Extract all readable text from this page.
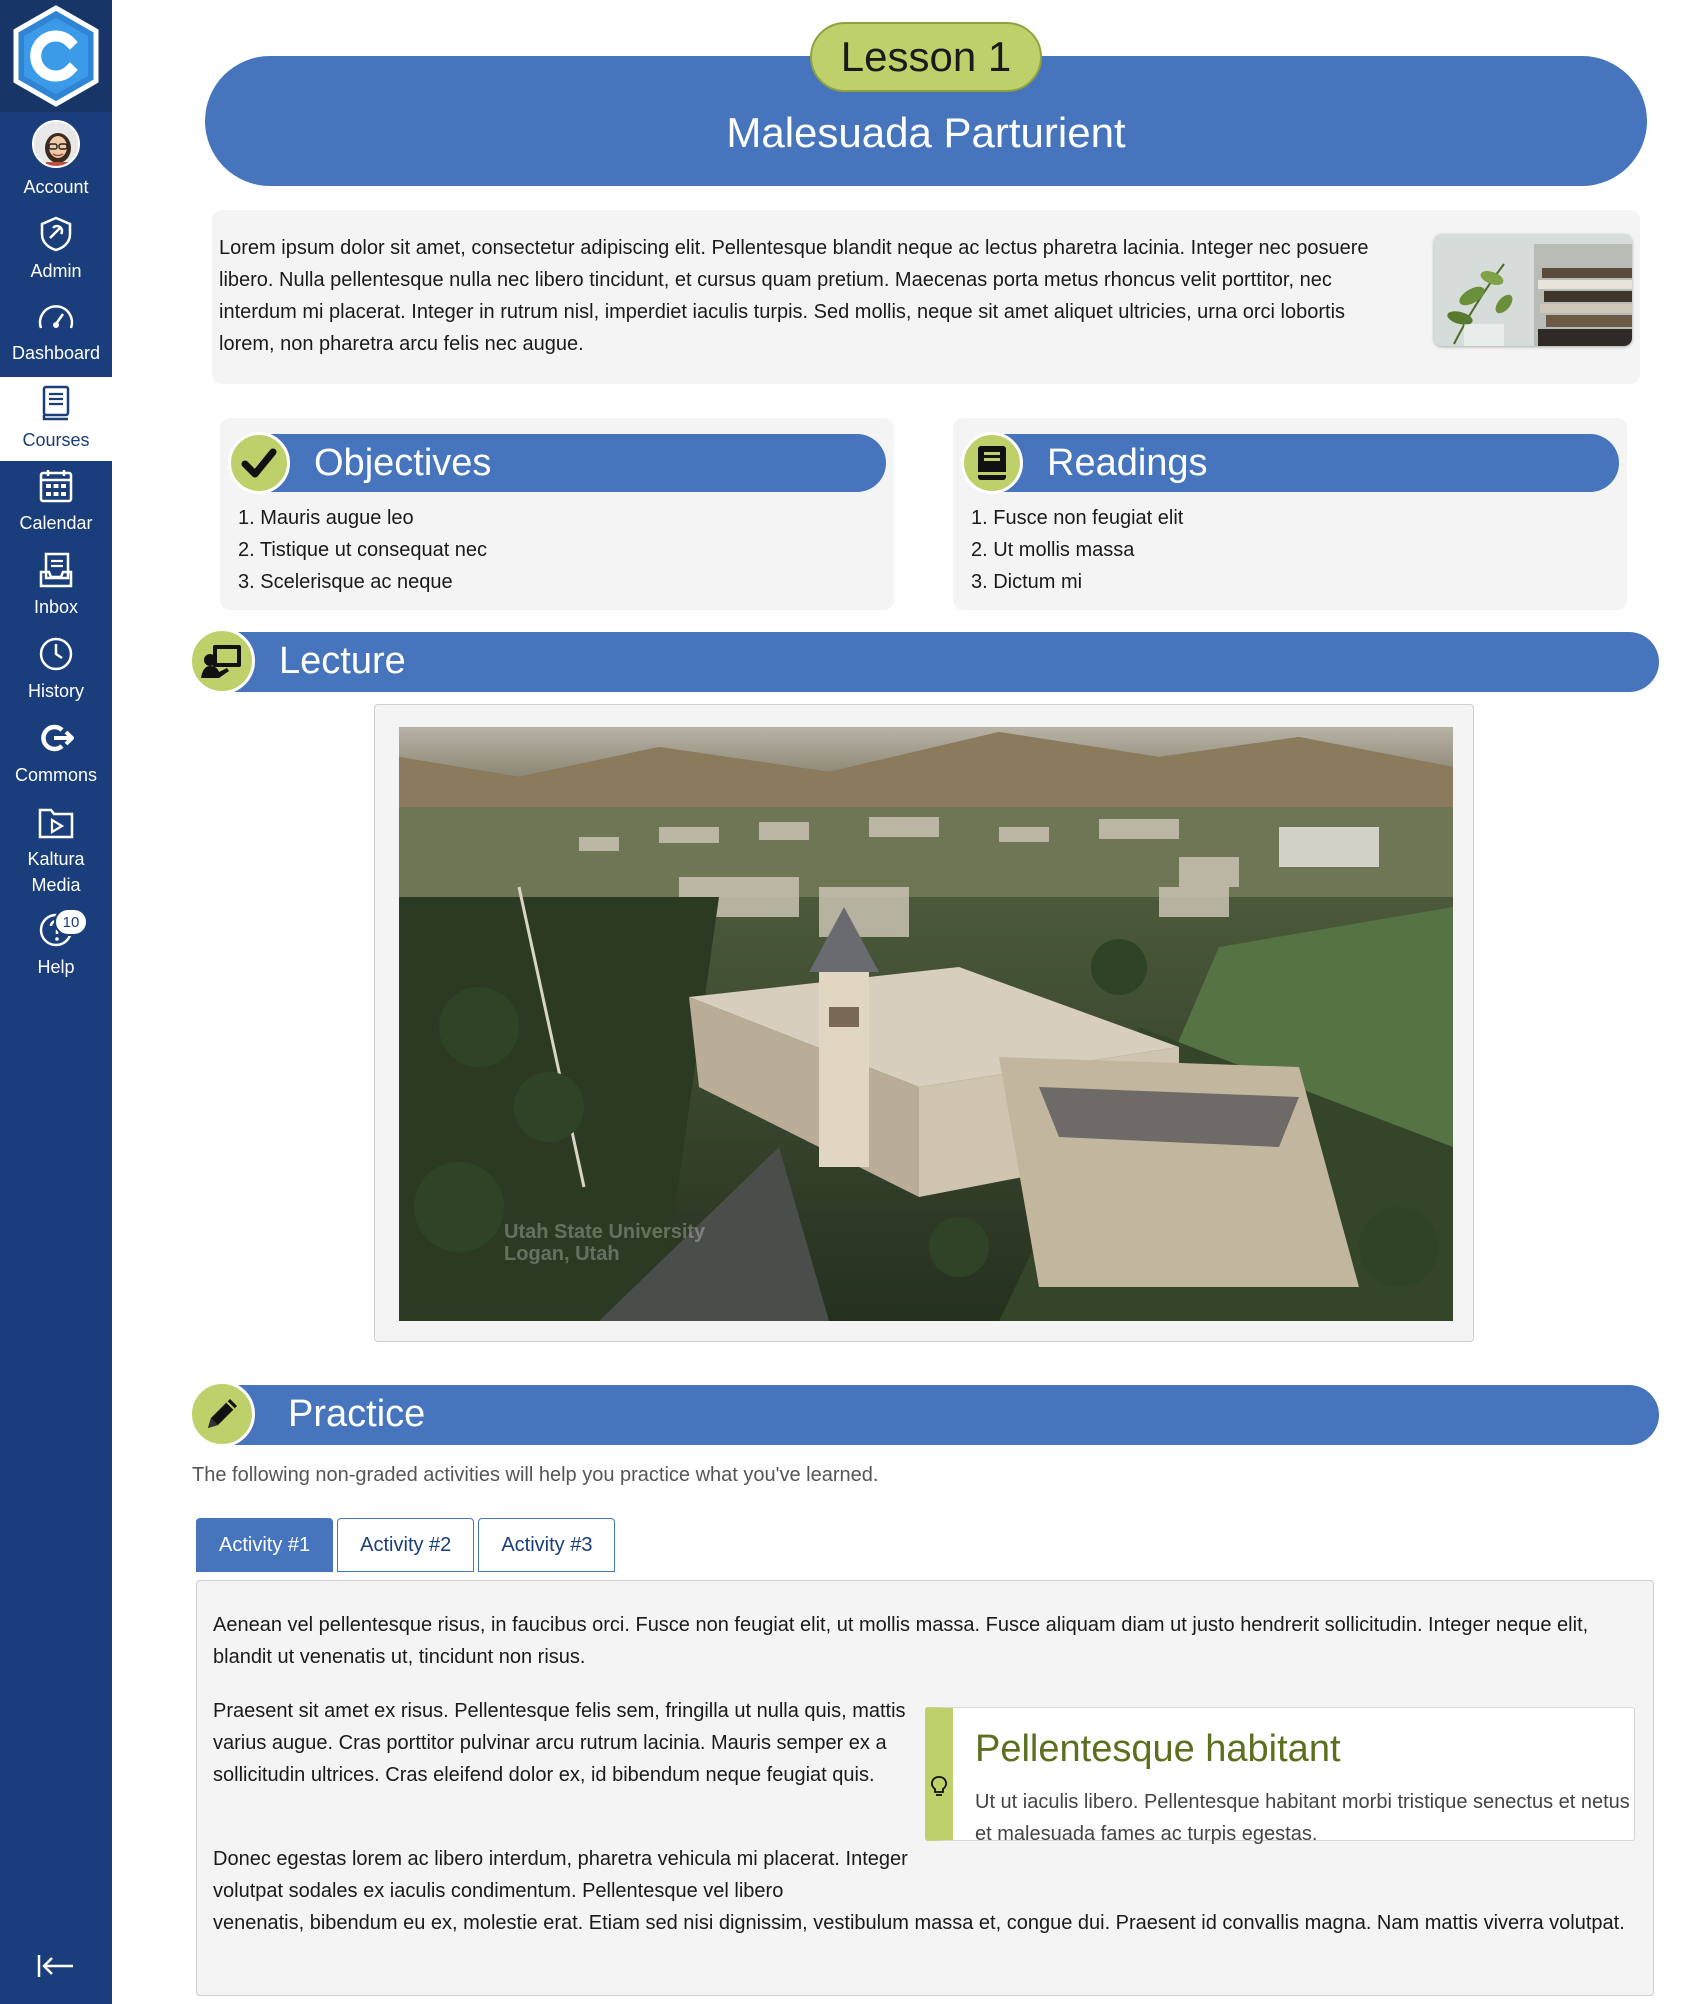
Account
Admin
Dashboard
Courses
Calendar
Inbox
History
Commons
Kaltura Media
Help
10
Malesuada Parturient
Lesson 1

Lorem ipsum dolor sit amet, consectetur adipiscing elit. Pellentesque blandit neque ac lectus pharetra lacinia. Integer nec posuere libero. Nulla pellentesque nulla nec libero tincidunt, et cursus quam pretium. Maecenas porta metus rhoncus velit porttitor, nec interdum mi placerat. Integer in rutrum nisl, imperdiet iaculis turpis. Sed mollis, neque sit amet aliquet ultricies, urna orci lobortis lorem, non pharetra arcu felis nec augue.

Objectives
1. Mauris augue leo
2. Tistique ut consequat nec
3. Scelerisque ac neque
Readings
1. Fusce non feugiat elit
2. Ut mollis massa
3. Dictum mi
Lecture
Utah State University
Logan, Utah
Practice

The following non-graded activities will help you practice what you've learned.

Activity #1	Activity #2	Activity #3

Aenean vel pellentesque risus, in faucibus orci. Fusce non feugiat elit, ut mollis massa. Fusce aliquam diam ut justo hendrerit sollicitudin. Integer neque elit, blandit ut venenatis ut, tincidunt non risus.

Praesent sit amet ex risus. Pellentesque felis sem, fringilla ut nulla quis, mattis varius augue. Cras porttitor pulvinar arcu rutrum lacinia. Mauris semper ex a sollicitudin ultrices. Cras eleifend dolor ex, id bibendum neque feugiat quis.

Donec egestas lorem ac libero interdum, pharetra vehicula mi placerat. Integer volutpat sodales ex iaculis condimentum. Pellentesque vel libero

venenatis, bibendum eu ex, molestie erat. Etiam sed nisi dignissim, vestibulum massa et, congue dui. Praesent id convallis magna. Nam mattis viverra volutpat.

Pellentesque habitant

Ut ut iaculis libero. Pellentesque habitant morbi tristique senectus et netus et malesuada fames ac turpis egestas.
